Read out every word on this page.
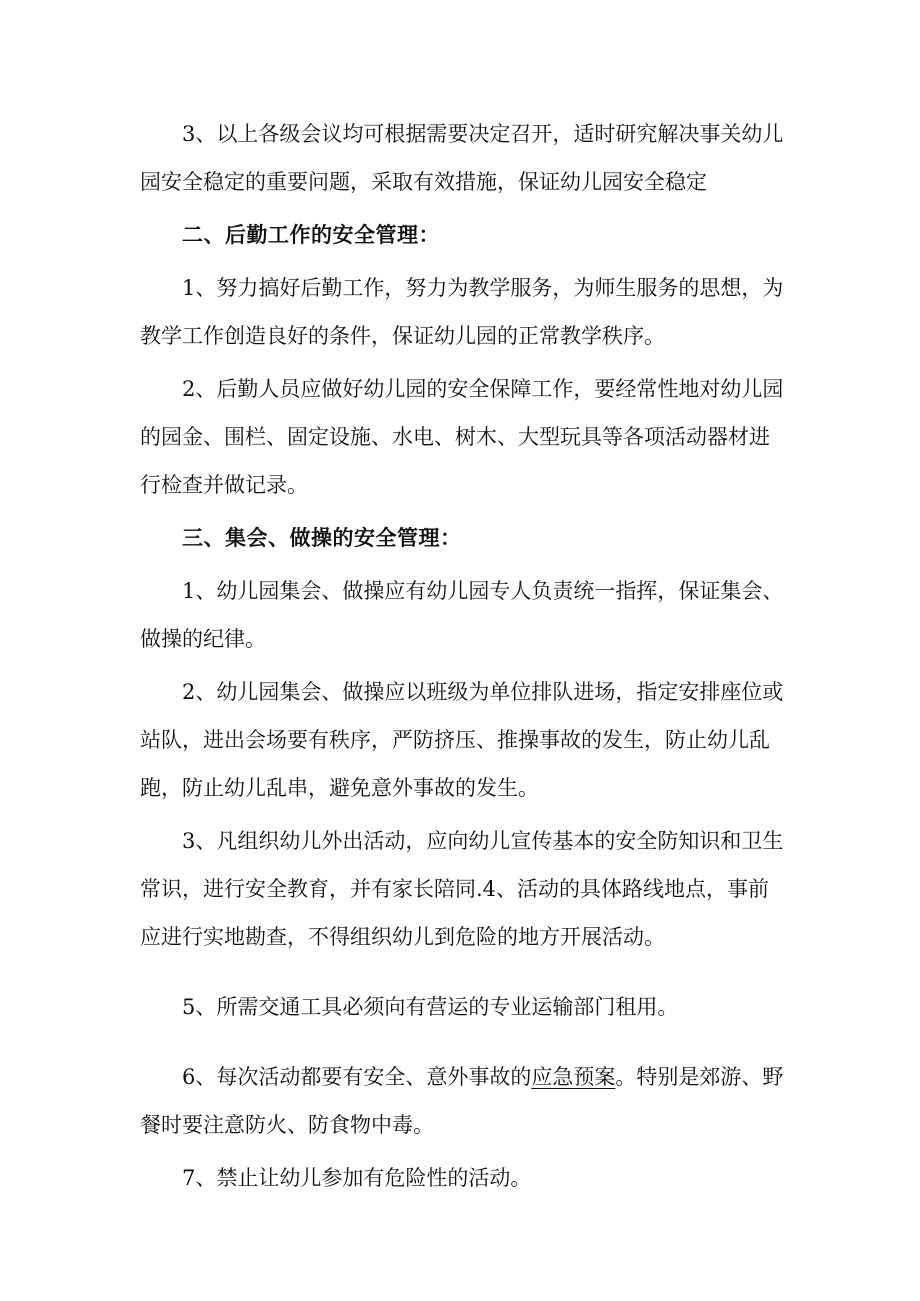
3、以上各级会议均可根据需要决定召开，适时研究解决事关幼儿园安全稳定的重要问题，采取有效措施，保证幼儿园安全稳定

二、后勤工作的安全管理：

1、努力搞好后勤工作，努力为教学服务，为师生服务的思想，为教学工作创造良好的条件，保证幼儿园的正常教学秩序。

2、后勤人员应做好幼儿园的安全保障工作，要经常性地对幼儿园的园金、围栏、固定设施、水电、树木、大型玩具等各项活动器材进行检查并做记录。

三、集会、做操的安全管理：

1、幼儿园集会、做操应有幼儿园专人负责统一指挥，保证集会、做操的纪律。

2、幼儿园集会、做操应以班级为单位排队进场，指定安排座位或站队，进出会场要有秩序，严防挤压、推操事故的发生，防止幼儿乱跑，防止幼儿乱串，避免意外事故的发生。

3、凡组织幼儿外出活动，应向幼儿宣传基本的安全防知识和卫生常识，进行安全教育，并有家长陪同.4、活动的具体路线地点，事前应进行实地勘查，不得组织幼儿到危险的地方开展活动。

5、所需交通工具必须向有营运的专业运输部门租用。

6、每次活动都要有安全、意外事故的应急预案。特别是郊游、野餐时要注意防火、防食物中毒。

7、禁止让幼儿参加有危险性的活动。
